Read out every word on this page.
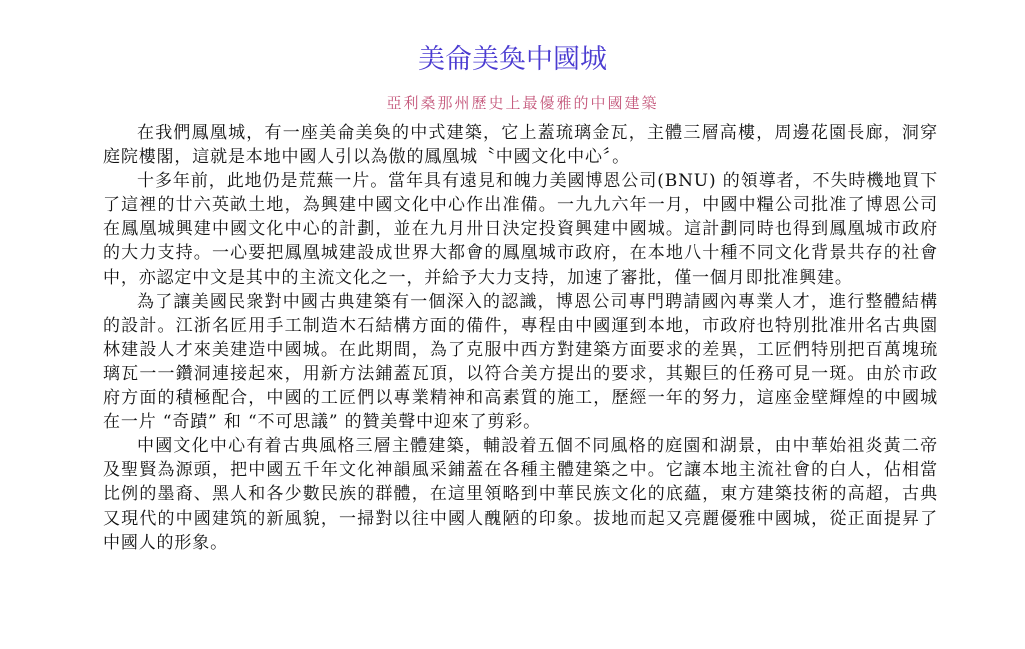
美侖美奐中國城
亞利桑那州歷史上最優雅的中國建築

在我們鳳凰城，有一座美侖美奐的中式建築，它上蓋琉璃金瓦，主體三層高樓，周邊花園長廊，洞穿庭院樓閣，這就是本地中國人引以為傲的鳳凰城〝中國文化中心〞。

十多年前，此地仍是荒蕪一片。當年具有遠見和魄力美國博恩公司(BNU) 的領導者，不失時機地買下了這裡的廿六英畝土地，為興建中國文化中心作出准備。一九九六年一月，中國中糧公司批准了博恩公司在鳳凰城興建中國文化中心的計劃，並在九月卅日決定投資興建中國城。這計劃同時也得到鳳凰城市政府的大力支持。一心要把鳳凰城建設成世界大都會的鳳凰城市政府，在本地八十種不同文化背景共存的社會中，亦認定中文是其中的主流文化之一，并給予大力支持，加速了審批，僅一個月即批准興建。

為了讓美國民衆對中國古典建築有一個深入的認識，博恩公司專門聘請國內專業人才，進行整體結構的設計。江浙名匠用手工制造木石結構方面的備件，專程由中國運到本地，市政府也特別批准卅名古典園林建設人才來美建造中國城。在此期間，為了克服中西方對建築方面要求的差異，工匠們特別把百萬塊琉璃瓦一一鑽洞連接起來，用新方法鋪蓋瓦頂，以符合美方提出的要求，其艱巨的任務可見一斑。由於市政府方面的積極配合，中國的工匠們以專業精神和高素質的施工，歷經一年的努力，這座金壁輝煌的中國城在一片 “奇蹟” 和 “不可思議” 的贊美聲中迎來了剪彩。

中國文化中心有着古典風格三層主體建築，輔設着五個不同風格的庭園和湖景，由中華始祖炎黃二帝及聖賢為源頭，把中國五千年文化神韻風采鋪蓋在各種主體建築之中。它讓本地主流社會的白人，佔相當比例的墨裔、黑人和各少數民族的群體，在這里領略到中華民族文化的底蘊，東方建築技術的高超，古典又現代的中國建筑的新風貌，一掃對以往中國人醜陋的印象。拔地而起又亮麗優雅中國城，從正面提昇了中國人的形象。
